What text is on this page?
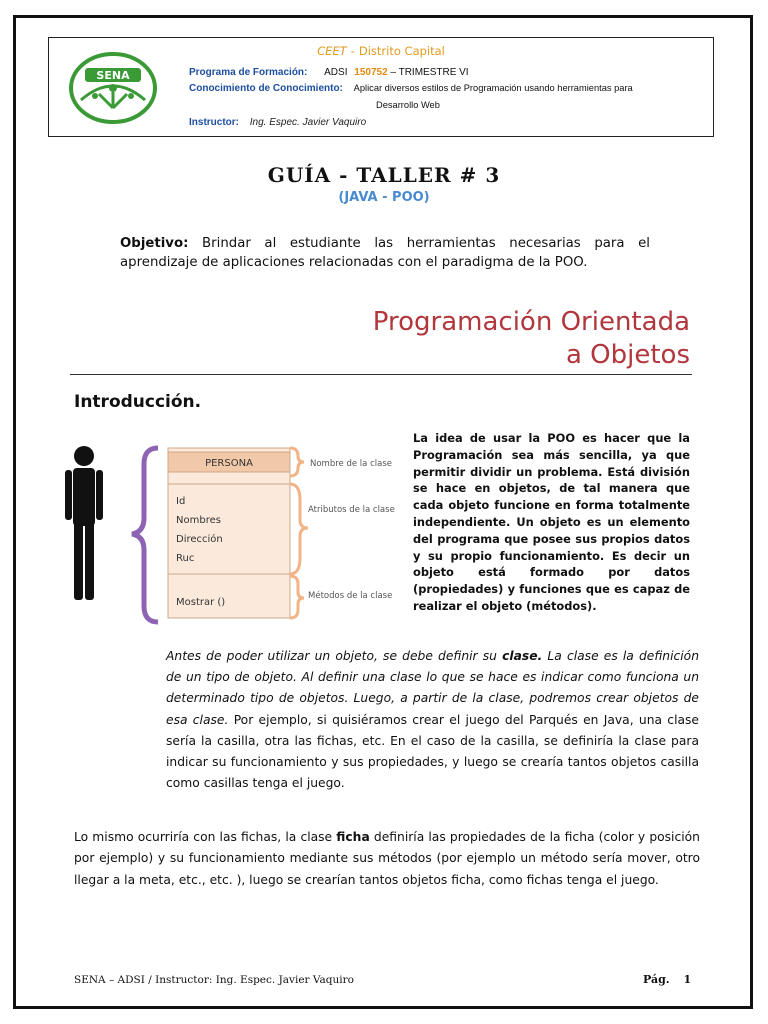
SENA
CEET - Distrito Capital
Programa de Formación: ADSI 150752 – TRIMESTRE VI
Conocimiento de Conocimiento: Aplicar diversos estilos de Programación usando herramientas para
Desarrollo Web
Instructor: Ing. Espec. Javier Vaquiro
GUÍA - TALLER # 3
(JAVA - POO)
Objetivo: Brindar al estudiante las herramientas necesarias para el aprendizaje de aplicaciones relacionadas con el paradigma de la POO.
Programación Orientada
a Objetos
Introducción.
PERSONA
Id
Nombres
Dirección
Ruc
Mostrar ()
Nombre de la clase
Atributos de la clase
Métodos de la clase
La idea de usar la POO es hacer que la Programación sea más sencilla, ya que permitir dividir un problema. Está división se hace en objetos, de tal manera que cada objeto funcione en forma totalmente independiente. Un objeto es un elemento del programa que posee sus propios datos y su propio funcionamiento. Es decir un objeto está formado por datos (propiedades) y funciones que es capaz de realizar el objeto (métodos).
Antes de poder utilizar un objeto, se debe definir su clase. La clase es la definición de un tipo de objeto. Al definir una clase lo que se hace es indicar como funciona un determinado tipo de objetos. Luego, a partir de la clase, podremos crear objetos de esa clase. Por ejemplo, si quisiéramos crear el juego del Parqués en Java, una clase sería la casilla, otra las fichas, etc. En el caso de la casilla, se definiría la clase para indicar su funcionamiento y sus propiedades, y luego se crearía tantos objetos casilla como casillas tenga el juego.
Lo mismo ocurriría con las fichas, la clase ficha definiría las propiedades de la ficha (color y posición por ejemplo) y su funcionamiento mediante sus métodos (por ejemplo un método sería mover, otro llegar a la meta, etc., etc. ), luego se crearían tantos objetos ficha, como fichas tenga el juego.
SENA – ADSI / Instructor: Ing. Espec. Javier Vaquiro	Pág. 1
